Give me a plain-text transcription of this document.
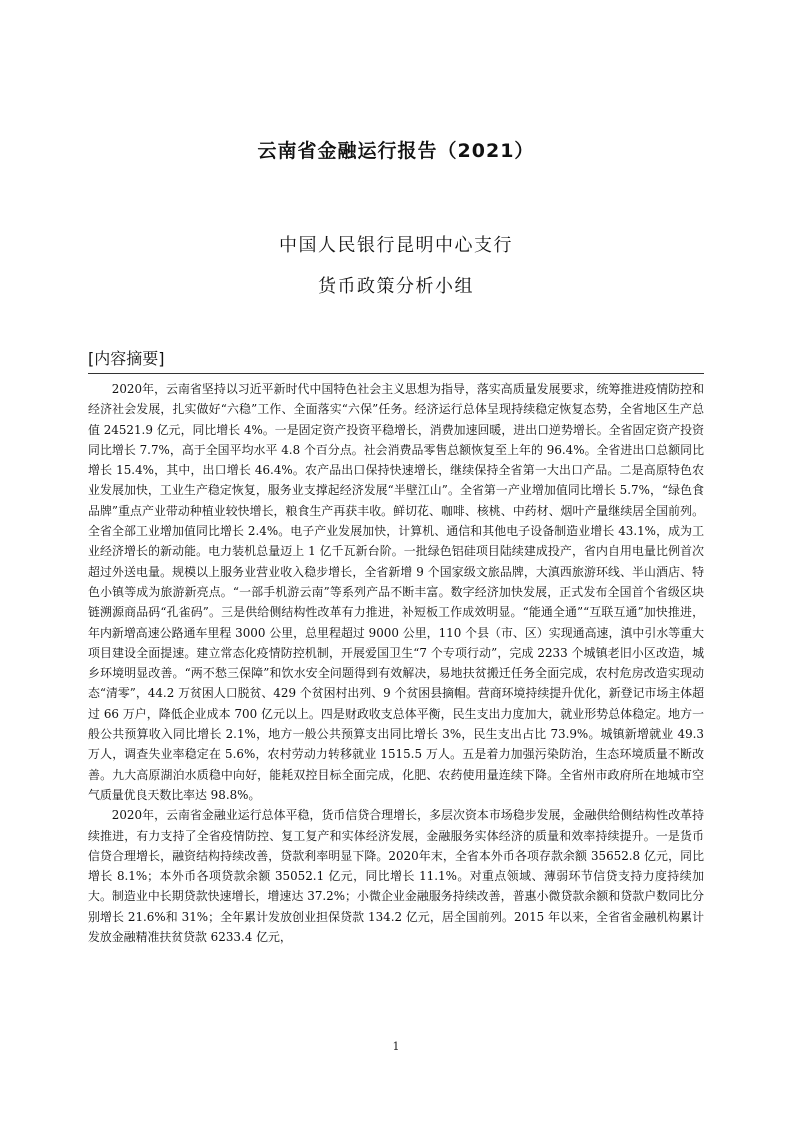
云南省金融运行报告（2021）
中国人民银行昆明中心支行
货币政策分析小组
[内容摘要]

2020年，云南省坚持以习近平新时代中国特色社会主义思想为指导，落实高质量发展要求，统筹推进疫情防控和经济社会发展，扎实做好“六稳”工作、全面落实“六保”任务。经济运行总体呈现持续稳定恢复态势，全省地区生产总值 24521.9 亿元，同比增长 4%。一是固定资产投资平稳增长，消费加速回暖，进出口逆势增长。全省固定资产投资同比增长 7.7%，高于全国平均水平 4.8 个百分点。社会消费品零售总额恢复至上年的 96.4%。全省进出口总额同比增长 15.4%，其中，出口增长 46.4%。农产品出口保持快速增长，继续保持全省第一大出口产品。二是高原特色农业发展加快，工业生产稳定恢复，服务业支撑起经济发展“半壁江山”。全省第一产业增加值同比增长 5.7%，“绿色食品牌”重点产业带动种植业较快增长，粮食生产再获丰收。鲜切花、咖啡、核桃、中药材、烟叶产量继续居全国前列。全省全部工业增加值同比增长 2.4%。电子产业发展加快，计算机、通信和其他电子设备制造业增长 43.1%，成为工业经济增长的新动能。电力装机总量迈上 1 亿千瓦新台阶。一批绿色铝硅项目陆续建成投产，省内自用电量比例首次超过外送电量。规模以上服务业营业收入稳步增长，全省新增 9 个国家级文旅品牌，大滇西旅游环线、半山酒店、特色小镇等成为旅游新亮点。“一部手机游云南”等系列产品不断丰富。数字经济加快发展，正式发布全国首个省级区块链溯源商品码“孔雀码”。三是供给侧结构性改革有力推进，补短板工作成效明显。“能通全通”“互联互通”加快推进，年内新增高速公路通车里程 3000 公里，总里程超过 9000 公里，110 个县（市、区）实现通高速，滇中引水等重大项目建设全面提速。建立常态化疫情防控机制，开展爱国卫生“7 个专项行动”，完成 2233 个城镇老旧小区改造，城乡环境明显改善。“两不愁三保障”和饮水安全问题得到有效解决，易地扶贫搬迁任务全面完成，农村危房改造实现动态“清零”，44.2 万贫困人口脱贫、429 个贫困村出列、9 个贫困县摘帽。营商环境持续提升优化，新登记市场主体超过 66 万户，降低企业成本 700 亿元以上。四是财政收支总体平衡，民生支出力度加大，就业形势总体稳定。地方一般公共预算收入同比增长 2.1%，地方一般公共预算支出同比增长 3%，民生支出占比 73.9%。城镇新增就业 49.3 万人，调查失业率稳定在 5.6%，农村劳动力转移就业 1515.5 万人。五是着力加强污染防治，生态环境质量不断改善。九大高原湖泊水质稳中向好，能耗双控目标全面完成，化肥、农药使用量连续下降。全省州市政府所在地城市空气质量优良天数比率达 98.8%。

2020年，云南省金融业运行总体平稳，货币信贷合理增长，多层次资本市场稳步发展，金融供给侧结构性改革持续推进，有力支持了全省疫情防控、复工复产和实体经济发展，金融服务实体经济的质量和效率持续提升。一是货币信贷合理增长，融资结构持续改善，贷款利率明显下降。2020年末，全省本外币各项存款余额 35652.8 亿元，同比增长 8.1%；本外币各项贷款余额 35052.1 亿元，同比增长 11.1%。对重点领域、薄弱环节信贷支持力度持续加大。制造业中长期贷款快速增长，增速达 37.2%；小微企业金融服务持续改善，普惠小微贷款余额和贷款户数同比分别增长 21.6%和 31%；全年累计发放创业担保贷款 134.2 亿元，居全国前列。2015 年以来，全省省金融机构累计发放金融精准扶贫贷款 6233.4 亿元，

1
